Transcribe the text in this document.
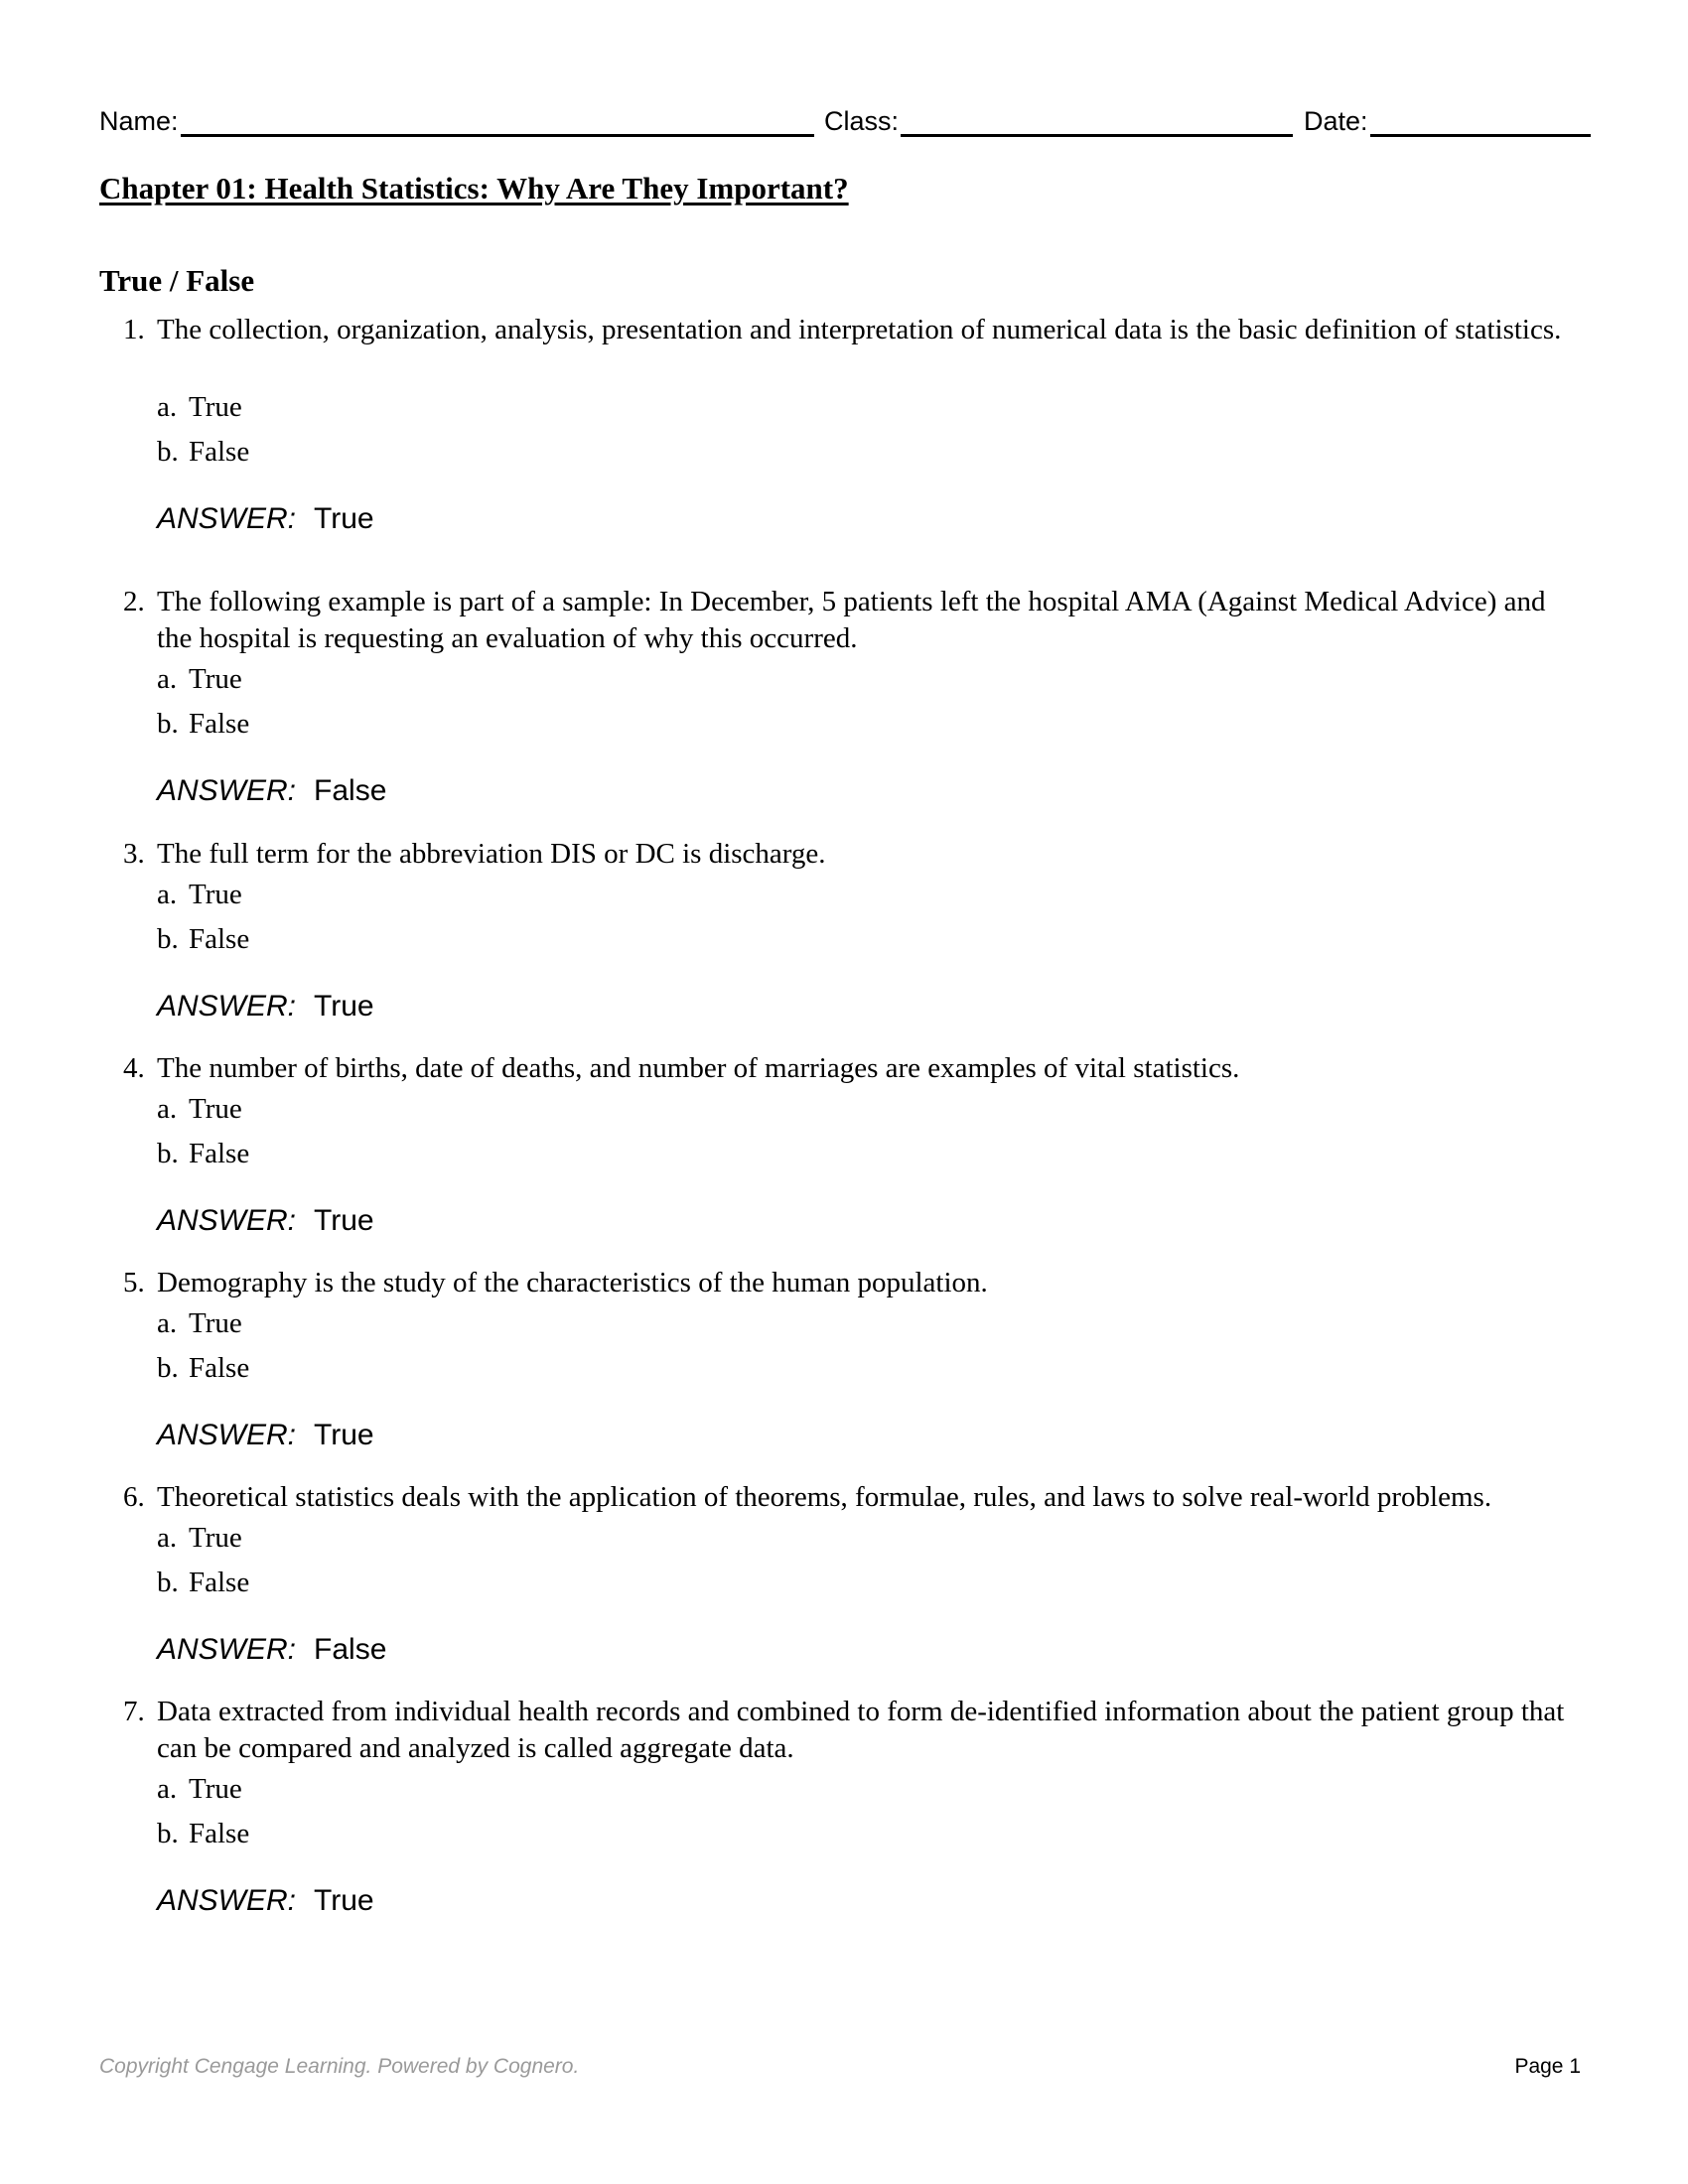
Name:	Class:	Date:
Chapter 01: Health Statistics: Why Are They Important?
True / False
1. The collection, organization, analysis, presentation and interpretation of numerical data is the basic definition of statistics.

a. True
b. False
ANSWER: True
2. The following example is part of a sample: In December, 5 patients left the hospital AMA (Against Medical Advice) and the hospital is requesting an evaluation of why this occurred.

a. True
b. False
ANSWER: False
3. The full term for the abbreviation DIS or DC is discharge.

a. True
b. False
ANSWER: True
4. The number of births, date of deaths, and number of marriages are examples of vital statistics.

a. True
b. False
ANSWER: True
5. Demography is the study of the characteristics of the human population.

a. True
b. False
ANSWER: True
6. Theoretical statistics deals with the application of theorems, formulae, rules, and laws to solve real-world problems.

a. True
b. False
ANSWER: False
7. Data extracted from individual health records and combined to form de-identified information about the patient group that can be compared and analyzed is called aggregate data.

a. True
b. False
ANSWER: True
Copyright Cengage Learning. Powered by Cognero.	Page 1
